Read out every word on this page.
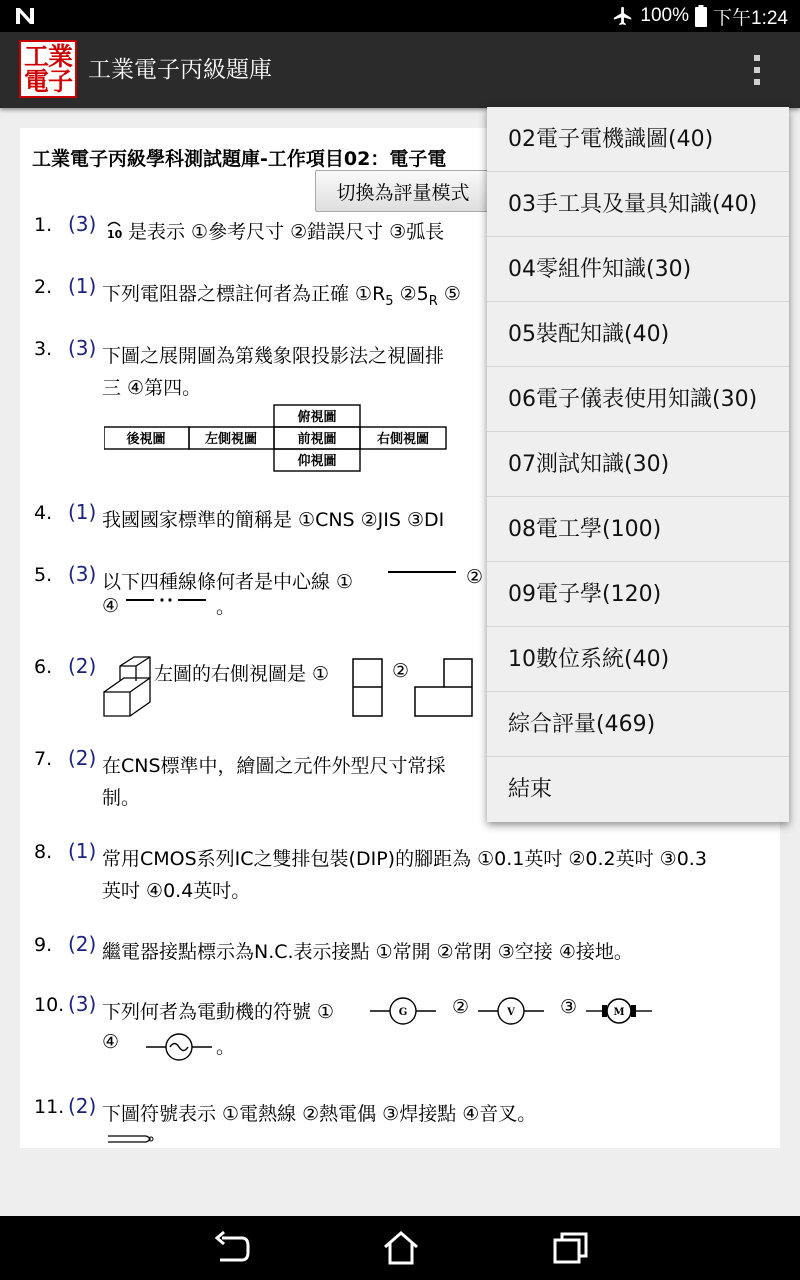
100% 下午1:24
工業
電子 工業電子丙級題庫
工業電子丙級學科測試題庫-工作項目02：電子電
切換為評量模式
1. (3) 10 是表示 ①參考尺寸 ②錯誤尺寸 ③弧長
2. (1) 下列電阻器之標註何者為正確 $①R_5$ $②5_R$ ⑤
3. (3) 下圖之展開圖為第幾象限投影法之視圖排
三 ④第四。
俯視圖
後視圖	左側視圖	前視圖	右側視圖
仰視圖
4. (1) 我國國家標準的簡稱是 ①CNS ②JIS ③DI
5. (3) 以下四種線條何者是中心線 ①	②
④	。
6. (2)	左圖的右側視圖是 ①	②
7. (2) 在CNS標準中，繪圖之元件外型尺寸常採
制。
8. (1) 常用CMOS系列IC之雙排包裝(DIP)的腳距為 ①0.1英吋 ②0.2英吋 ③0.3
英吋 ④0.4英吋。
9. (2) 繼電器接點標示為N.C.表示接點 ①常開 ②常閉 ③空接 ④接地。
10. (3) 下列何者為電動機的符號 ①	G ②	V ③	M
④	。
11. (2) 下圖符號表示 ①電熱線 ②熱電偶 ③焊接點 ④音叉。
02電子電機識圖(40)
03手工具及量具知識(40)
04零組件知識(30)
05裝配知識(40)
06電子儀表使用知識(30)
07測試知識(30)
08電工學(100)
09電子學(120)
10數位系統(40)
綜合評量(469)
結束
